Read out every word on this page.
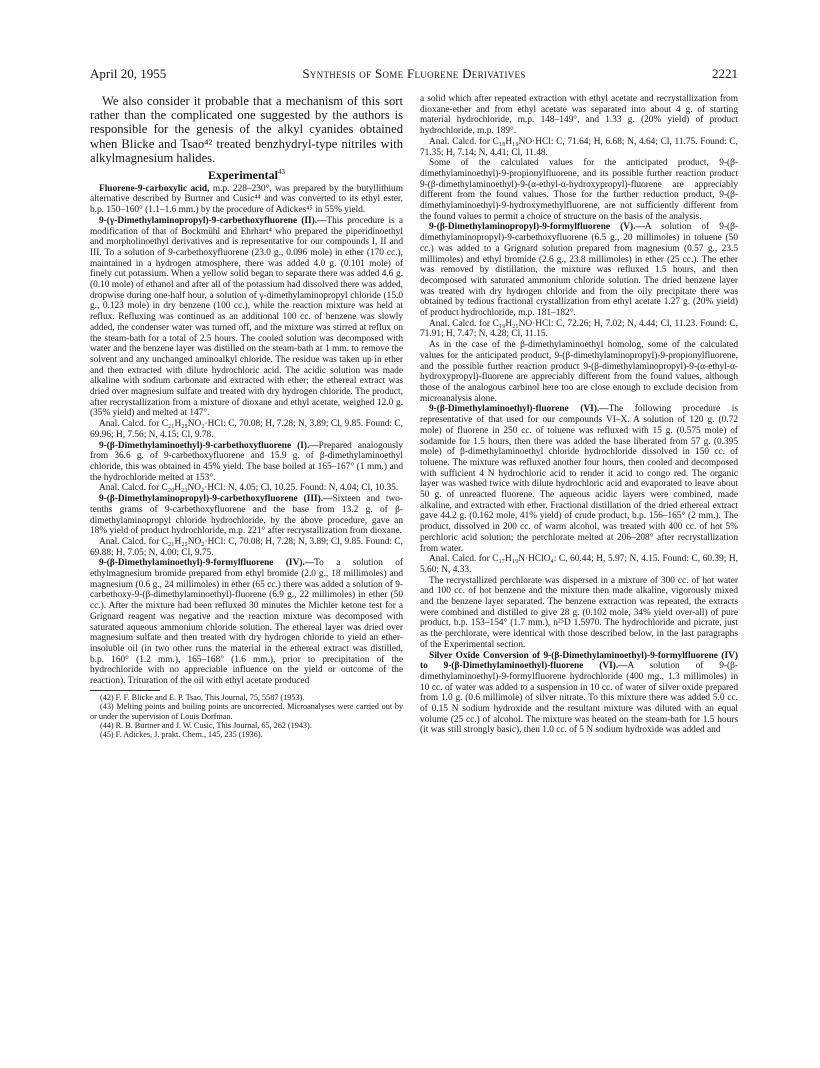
April 20, 1955	Synthesis of Some Fluorene Derivatives	2221

We also consider it probable that a mechanism of this sort rather than the complicated one suggested by the authors is responsible for the genesis of the alkyl cyanides obtained when Blicke and Tsao⁴² treated benzhydryl-type nitriles with alkylmagnesium halides.

Experimental$^{43}$

Fluorene-9-carboxylic acid, m.p. 228–230°, was prepared by the butyllithium alternative described by Burtner and Cusic⁴⁴ and was converted to its ethyl ester, b.p. 150–160° (1.1–1.6 mm.) by the procedure of Adickes⁴⁵ in 55% yield.

9-(γ-Dimethylaminopropyl)-9-carbethoxyfluorene (II).—This procedure is a modification of that of Bockmühl and Ehrhart⁴ who prepared the piperidinoethyl and morpholinoethyl derivatives and is representative for our compounds I, II and III. To a solution of 9-carbethoxyfluorene (23.0 g., 0.096 mole) in ether (170 cc.), maintained in a hydrogen atmosphere, there was added 4.0 g. (0.101 mole) of finely cut potassium. When a yellow solid began to separate there was added 4.6 g. (0.10 mole) of ethanol and after all of the potassium had dissolved there was added, dropwise during one-half hour, a solution of γ-dimethylaminopropyl chloride (15.0 g., 0.123 mole) in dry benzene (100 cc.), while the reaction mixture was held at reflux. Refluxing was continued as an additional 100 cc. of benzene was slowly added, the condenser water was turned off, and the mixture was stirred at reflux on the steam-bath for a total of 2.5 hours. The cooled solution was decomposed with water and the benzene layer was distilled on the steam-bath at 1 mm. to remove the solvent and any unchanged aminoalkyl chloride. The residue was taken up in ether and then extracted with dilute hydrochloric acid. The acidic solution was made alkaline with sodium carbonate and extracted with ether; the ethereal extract was dried over magnesium sulfate and treated with dry hydrogen chloride. The product, after recrystallization from a mixture of dioxane and ethyl acetate, weighed 12.0 g. (35% yield) and melted at 147°.

Anal. Calcd. for C₂₁H₂₅NO₂·HCl: C, 70.08; H, 7.28; N, 3.89; Cl, 9.85. Found: C, 69.96; H, 7.56; N, 4.15; Cl, 9.78.

9-(β-Dimethylaminoethyl)-9-carbethoxyfluorene (I).—Prepared analogously from 36.6 g. of 9-carbethoxyfluorene and 15.9 g. of β-dimethylaminoethyl chloride, this was obtained in 45% yield. The base boiled at 165–167° (1 mm.) and the hydrochloride melted at 153°.

Anal. Calcd. for C₂₀H₂₃NO₂·HCl: N, 4.05; Cl, 10.25. Found: N, 4.04; Cl, 10.35.

9-(β-Dimethylaminopropyl)-9-carbethoxyfluorene (III).—Sixteen and two-tenths grams of 9-carbethoxyfluorene and the base from 13.2 g. of β-dimethylaminopropyl chloride hydrochloride, by the above procedure, gave an 18% yield of product hydrochloride, m.p. 221° after recrystallization from dioxane.

Anal. Calcd. for C₂₁H₂₅NO₂·HCl: C, 70.08; H, 7.28; N, 3.89; Cl, 9.85. Found: C, 69.88; H, 7.05; N, 4.00; Cl, 9.75.

9-(β-Dimethylaminoethyl)-9-formylfluorene (IV).—To a solution of ethylmagnesium bromide prepared from ethyl bromide (2.0 g., 18 millimoles) and magnesium (0.6 g., 24 millimoles) in ether (65 cc.) there was added a solution of 9-carbethoxy-9-(β-dimethylaminoethyl)-fluorene (6.9 g., 22 millimoles) in ether (50 cc.). After the mixture had been refluxed 30 minutes the Michler ketone test for a Grignard reagent was negative and the reaction mixture was decomposed with saturated aqueous ammonium chloride solution. The ethereal layer was dried over magnesium sulfate and then treated with dry hydrogen chloride to yield an ether-insoluble oil (in two other runs the material in the ethereal extract was distilled, b.p. 160° (1.2 mm.), 165–168° (1.6 mm.), prior to precipitation of the hydrochloride with no appreciable influence on the yield or outcome of the reaction). Trituration of the oil with ethyl acetate produced

(42) F. F. Blicke and E. P. Tsao, This Journal, 75, 5587 (1953).

(43) Melting points and boiling points are uncorrected. Microanalyses were carried out by or under the supervision of Louis Dorfman.

(44) R. B. Burtner and J. W. Cusic, This Journal, 65, 262 (1943).

(45) F. Adickes, J. prakt. Chem., 145, 235 (1936).

a solid which after repeated extraction with ethyl acetate and recrystallization from dioxane-ether and from ethyl acetate was separated into about 4 g. of starting material hydrochloride, m.p. 148–149°, and 1.33 g. (20% yield) of product hydrochloride, m.p. 189°.

Anal. Calcd. for C₁₈H₁₉NO·HCl: C, 71.64; H, 6.68; N, 4.64; Cl, 11.75. Found: C, 71.35; H, 7.14; N, 4.41; Cl, 11.48.

Some of the calculated values for the anticipated product, 9-(β-dimethylaminoethyl)-9-propionylfluorene, and its possible further reaction product 9-(β-dimethylaminoethyl)-9-(α-ethyl-α-hydroxypropyl)-fluorene are appreciably different from the found values. Those for the further reduction product, 9-(β-dimethylaminoethyl)-9-hydroxymethylfluorene, are not sufficiently different from the found values to permit a choice of structure on the basis of the analysis.

9-(β-Dimethylaminopropyl)-9-formylfluorene (V).—A solution of 9-(β-dimethylaminopropyl)-9-carbethoxyfluorene (6.5 g., 20 millimoles) in toluene (50 cc.) was added to a Grignard solution prepared from magnesium (0.57 g., 23.5 millimoles) and ethyl bromide (2.6 g., 23.8 millimoles) in ether (25 cc.). The ether was removed by distillation, the mixture was refluxed 1.5 hours, and then decomposed with saturated ammonium chloride solution. The dried benzene layer was treated with dry hydrogen chloride and from the oily precipitate there was obtained by tedious fractional crystallization from ethyl acetate 1.27 g. (20% yield) of product hydrochloride, m.p. 181–182°.

Anal. Calcd. for C₁₉H₂₁NO·HCl: C, 72.26; H, 7.02; N, 4.44; Cl, 11.23. Found: C, 71.91; H, 7.47; N, 4.28; Cl, 11.15.

As in the case of the β-dimethylaminoethyl homolog, some of the calculated values for the anticipated product, 9-(β-dimethylaminopropyl)-9-propionylfluorene, and the possible further reaction product 9-(β-dimethylaminopropyl)-9-(α-ethyl-α-hydroxypropyl)-fluorene are appreciably different from the found values, although those of the analogous carbinol here too are close enough to exclude decision from microanalysis alone.

9-(β-Dimethylaminoethyl)-fluorene (VI).—The following procedure is representative of that used for our compounds VI–X. A solution of 120 g. (0.72 mole) of fluorene in 250 cc. of toluene was refluxed with 15 g. (0.575 mole) of sodamide for 1.5 hours, then there was added the base liberated from 57 g. (0.395 mole) of β-dimethylaminoethyl chloride hydrochloride dissolved in 150 cc. of toluene. The mixture was refluxed another four hours, then cooled and decomposed with sufficient 4 N hydrochloric acid to render it acid to congo red. The organic layer was washed twice with dilute hydrochloric acid and evaporated to leave about 50 g. of unreacted fluorene. The aqueous acidic layers were combined, made alkaline, and extracted with ether. Fractional distillation of the dried ethereal extract gave 44.2 g. (0.162 mole, 41% yield) of crude product, b.p. 156–165° (2 mm.). The product, dissolved in 200 cc. of warm alcohol, was treated with 400 cc. of hot 5% perchloric acid solution; the perchlorate melted at 206–208° after recrystallization from water.

Anal. Calcd. for C₁₇H₁₉N·HClO₄: C, 60.44; H, 5.97; N, 4.15. Found: C, 60.39; H, 5.60; N, 4.33.

The recrystallized perchlorate was dispersed in a mixture of 300 cc. of hot water and 100 cc. of hot benzene and the mixture then made alkaline, vigorously mixed and the benzene layer separated. The benzene extraction was repeated, the extracts were combined and distilled to give 28 g. (0.102 mole, 34% yield over-all) of pure product, b.p. 153–154° (1.7 mm.), n²⁵D 1.5970. The hydrochloride and picrate, just as the perchlorate, were identical with those described below, in the last paragraphs of the Experimental section.

Silver Oxide Conversion of 9-(β-Dimethylaminoethyl)-9-formylfluorene (IV) to 9-(β-Dimethylaminoethyl)-fluorene (VI).—A solution of 9-(β-dimethylaminoethyl)-9-formylfluorene hydrochloride (400 mg., 1.3 millimoles) in 10 cc. of water was added to a suspension in 10 cc. of water of silver oxide prepared from 1.0 g. (0.6 millimole) of silver nitrate. To this mixture there was added 5.0 cc. of 0.15 N sodium hydroxide and the resultant mixture was diluted with an equal volume (25 cc.) of alcohol. The mixture was heated on the steam-bath for 1.5 hours (it was still strongly basic), then 1.0 cc. of 5 N sodium hydroxide was added and
